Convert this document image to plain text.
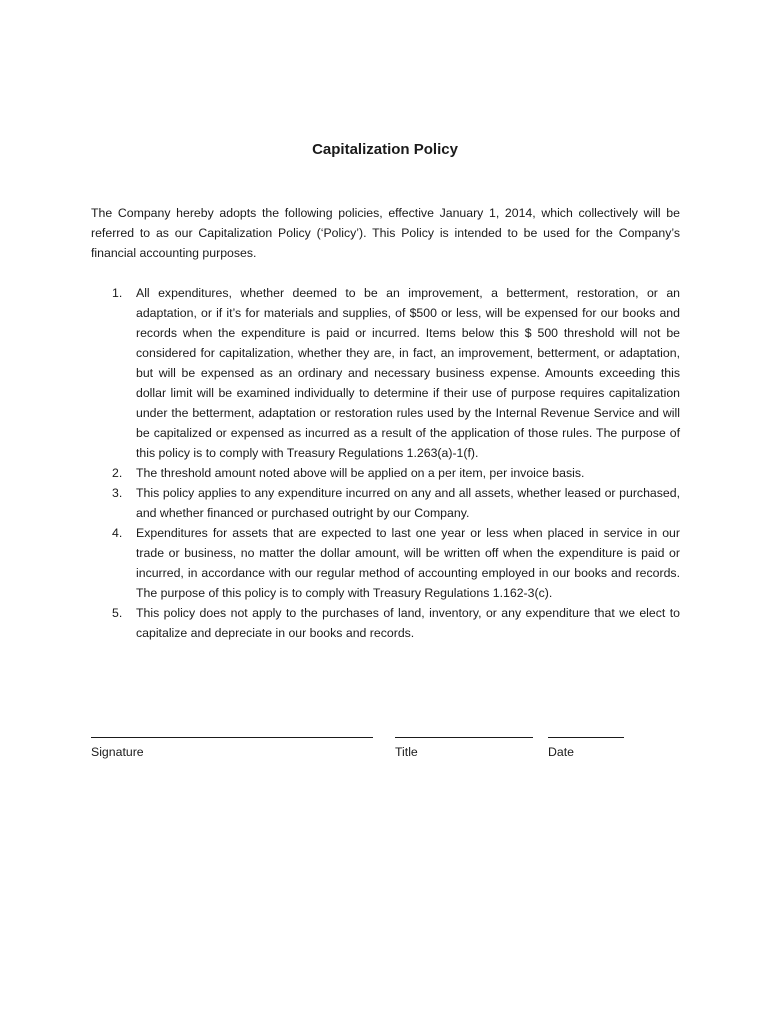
Capitalization Policy

The Company hereby adopts the following policies, effective January 1, 2014, which collectively will be referred to as our Capitalization Policy (‘Policy’). This Policy is intended to be used for the Company’s financial accounting purposes.

1. All expenditures, whether deemed to be an improvement, a betterment, restoration, or an adaptation, or if it’s for materials and supplies, of $500 or less, will be expensed for our books and records when the expenditure is paid or incurred. Items below this $ 500 threshold will not be considered for capitalization, whether they are, in fact, an improvement, betterment, or adaptation, but will be expensed as an ordinary and necessary business expense. Amounts exceeding this dollar limit will be examined individually to determine if their use of purpose requires capitalization under the betterment, adaptation or restoration rules used by the Internal Revenue Service and will be capitalized or expensed as incurred as a result of the application of those rules. The purpose of this policy is to comply with Treasury Regulations 1.263(a)-1(f).
2. The threshold amount noted above will be applied on a per item, per invoice basis.
3. This policy applies to any expenditure incurred on any and all assets, whether leased or purchased, and whether financed or purchased outright by our Company.
4. Expenditures for assets that are expected to last one year or less when placed in service in our trade or business, no matter the dollar amount, will be written off when the expenditure is paid or incurred, in accordance with our regular method of accounting employed in our books and records. The purpose of this policy is to comply with Treasury Regulations 1.162-3(c).
5. This policy does not apply to the purchases of land, inventory, or any expenditure that we elect to capitalize and depreciate in our books and records.
Signature	Title	Date
